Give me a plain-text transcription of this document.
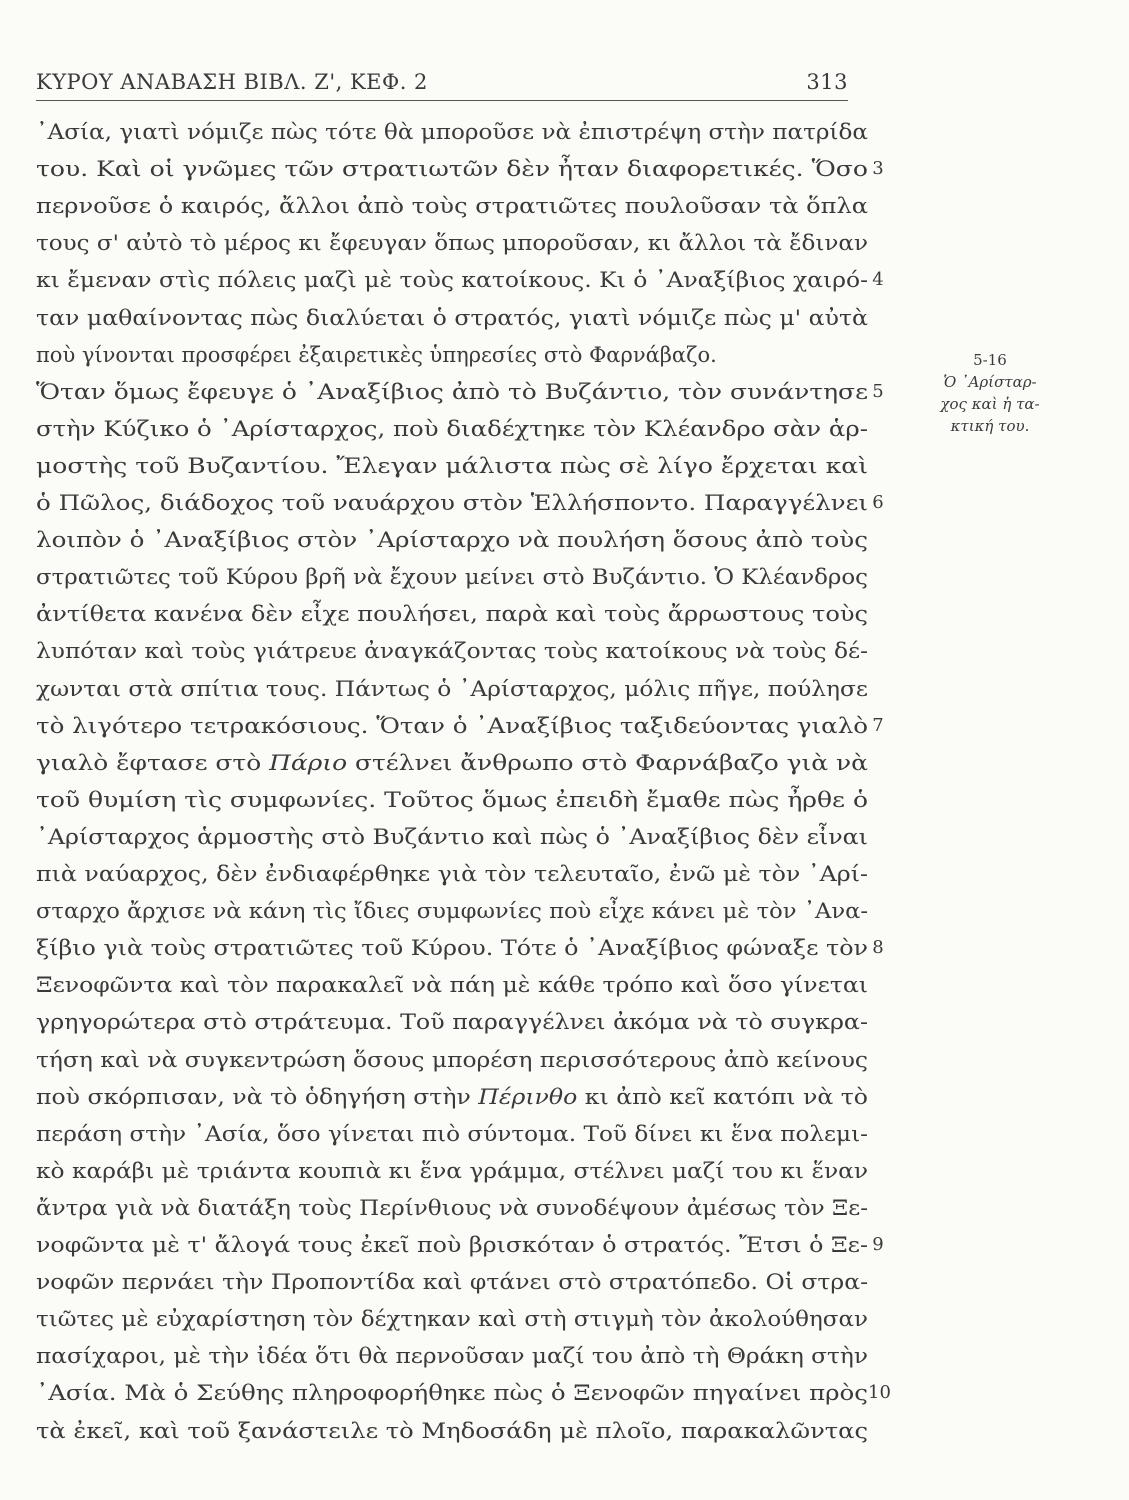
ΚΥΡΟΥ ΑΝΑΒΑΣΗ ΒΙΒΛ. Ζ', ΚΕΦ. 2	313
᾿Ασία, γιατὶ νόμιζε πὼς τότε θὰ μποροῦσε νὰ ἐπιστρέψη στὴν πατρίδα
του. Καὶ οἱ γνῶμες τῶν στρατιωτῶν δὲν ἦταν διαφορετικές. Ὅσο
περνοῦσε ὁ καιρός, ἄλλοι ἀπὸ τοὺς στρατιῶτες πουλοῦσαν τὰ ὅπλα
τους σ' αὐτὸ τὸ μέρος κι ἔφευγαν ὅπως μποροῦσαν, κι ἄλλοι τὰ ἔδιναν
κι ἔμεναν στὶς πόλεις μαζὶ μὲ τοὺς κατοίκους. Κι ὁ ᾿Αναξίβιος χαιρό-
ταν μαθαίνοντας πὼς διαλύεται ὁ στρατός, γιατὶ νόμιζε πὼς μ' αὐτὰ
ποὺ γίνονται προσφέρει ἐξαιρετικὲς ὑπηρεσίες στὸ Φαρνάβαζο.
Ὅταν ὅμως ἔφευγε ὁ ᾿Αναξίβιος ἀπὸ τὸ Βυζάντιο, τὸν συνάντησε
στὴν Κύζικο ὁ ᾿Αρίσταρχος, ποὺ διαδέχτηκε τὸν Κλέανδρο σὰν ἁρ-
μοστὴς τοῦ Βυζαντίου. Ἔλεγαν μάλιστα πὼς σὲ λίγο ἔρχεται καὶ
ὁ Πῶλος, διάδοχος τοῦ ναυάρχου στὸν Ἑλλήσποντο. Παραγγέλνει
λοιπὸν ὁ ᾿Αναξίβιος στὸν ᾿Αρίσταρχο νὰ πουλήση ὅσους ἀπὸ τοὺς
στρατιῶτες τοῦ Κύρου βρῆ νὰ ἔχουν μείνει στὸ Βυζάντιο. Ὁ Κλέανδρος
ἀντίθετα κανένα δὲν εἶχε πουλήσει, παρὰ καὶ τοὺς ἄρρωστους τοὺς
λυπόταν καὶ τοὺς γιάτρευε ἀναγκάζοντας τοὺς κατοίκους νὰ τοὺς δέ-
χωνται στὰ σπίτια τους. Πάντως ὁ ᾿Αρίσταρχος, μόλις πῆγε, πούλησε
τὸ λιγότερο τετρακόσιους. Ὅταν ὁ ᾿Αναξίβιος ταξιδεύοντας γιαλὸ
γιαλὸ ἔφτασε στὸ Πάριο στέλνει ἄνθρωπο στὸ Φαρνάβαζο γιὰ νὰ
τοῦ θυμίση τὶς συμφωνίες. Τοῦτος ὅμως ἐπειδὴ ἔμαθε πὼς ἦρθε ὁ
᾿Αρίσταρχος ἁρμοστὴς στὸ Βυζάντιο καὶ πὼς ὁ ᾿Αναξίβιος δὲν εἶναι
πιὰ ναύαρχος, δὲν ἐνδιαφέρθηκε γιὰ τὸν τελευταῖο, ἐνῶ μὲ τὸν ᾿Αρί-
σταρχο ἄρχισε νὰ κάνη τὶς ἴδιες συμφωνίες ποὺ εἶχε κάνει μὲ τὸν ᾿Ανα-
ξίβιο γιὰ τοὺς στρατιῶτες τοῦ Κύρου. Τότε ὁ ᾿Αναξίβιος φώναξε τὸν
Ξενοφῶντα καὶ τὸν παρακαλεῖ νὰ πάη μὲ κάθε τρόπο καὶ ὅσο γίνεται
γρηγορώτερα στὸ στράτευμα. Τοῦ παραγγέλνει ἀκόμα νὰ τὸ συγκρα-
τήση καὶ νὰ συγκεντρώση ὅσους μπορέση περισσότερους ἀπὸ κείνους
ποὺ σκόρπισαν, νὰ τὸ ὁδηγήση στὴν Πέρινθο κι ἀπὸ κεῖ κατόπι νὰ τὸ
περάση στὴν ᾿Ασία, ὅσο γίνεται πιὸ σύντομα. Τοῦ δίνει κι ἕνα πολεμι-
κὸ καράβι μὲ τριάντα κουπιὰ κι ἕνα γράμμα, στέλνει μαζί του κι ἕναν
ἄντρα γιὰ νὰ διατάξη τοὺς Περίνθιους νὰ συνοδέψουν ἀμέσως τὸν Ξε-
νοφῶντα μὲ τ' ἄλογά τους ἐκεῖ ποὺ βρισκόταν ὁ στρατός. Ἔτσι ὁ Ξε-
νοφῶν περνάει τὴν Προποντίδα καὶ φτάνει στὸ στρατόπεδο. Οἱ στρα-
τιῶτες μὲ εὐχαρίστηση τὸν δέχτηκαν καὶ στὴ στιγμὴ τὸν ἀκολούθησαν
πασίχαροι, μὲ τὴν ἰδέα ὅτι θὰ περνοῦσαν μαζί του ἀπὸ τὴ Θράκη στὴν
᾿Ασία. Μὰ ὁ Σεύθης πληροφορήθηκε πὼς ὁ Ξενοφῶν πηγαίνει πρὸς
τὰ ἐκεῖ, καὶ τοῦ ξανάστειλε τὸ Μηδοσάδη μὲ πλοῖο, παρακαλῶντας
3
4
5
6
7
8
9
10
5-16
Ὁ ᾿Αρίσταρ-
χος καὶ ἡ τα-
κτική του.
